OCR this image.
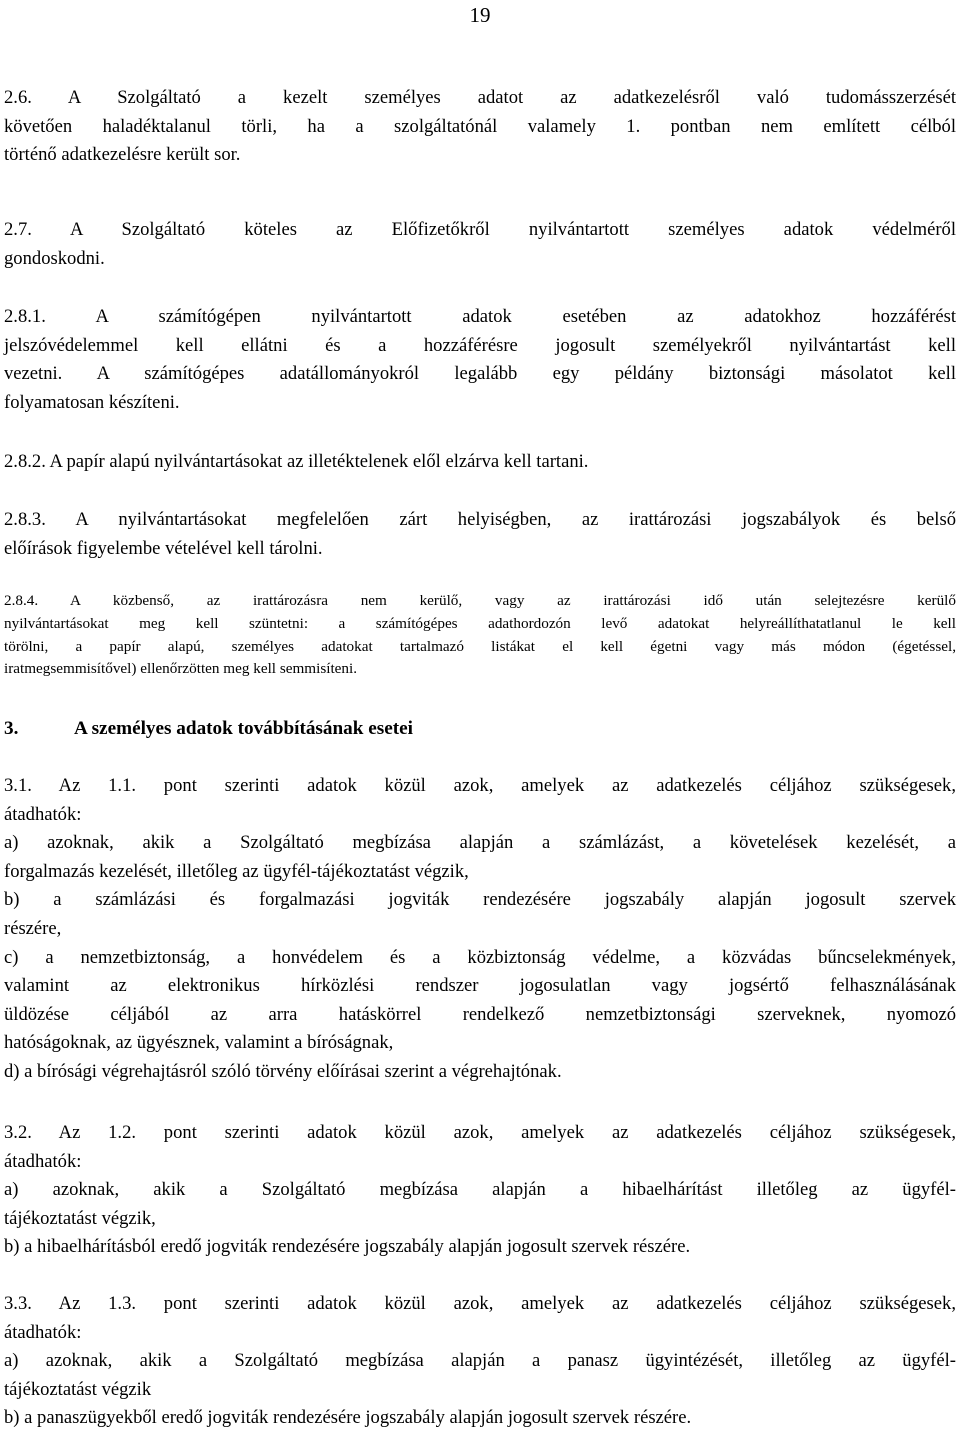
19
2.6. A Szolgáltató a kezelt személyes adatot az adatkezelésről való tudomásszerzését
követően haladéktalanul törli, ha a szolgáltatónál valamely 1. pontban nem említett célból
történő adatkezelésre került sor.
2.7. A Szolgáltató köteles az Előfizetőkről nyilvántartott személyes adatok védelméről
gondoskodni.
2.8.1. A számítógépen nyilvántartott adatok esetében az adatokhoz hozzáférést
jelszóvédelemmel kell ellátni és a hozzáférésre jogosult személyekről nyilvántartást kell
vezetni. A számítógépes adatállományokról legalább egy példány biztonsági másolatot kell
folyamatosan készíteni.
2.8.2. A papír alapú nyilvántartásokat az illetéktelenek elől elzárva kell tartani.
2.8.3. A nyilvántartásokat megfelelően zárt helyiségben, az irattározási jogszabályok és belső
előírások figyelembe vételével kell tárolni.
2.8.4. A közbenső, az irattározásra nem kerülő, vagy az irattározási idő után selejtezésre kerülő
nyilvántartásokat meg kell szüntetni: a számítógépes adathordozón levő adatokat helyreállíthatatlanul le kell
törölni, a papír alapú, személyes adatokat tartalmazó listákat el kell égetni vagy más módon (égetéssel,
iratmegsemmisítővel) ellenőrzötten meg kell semmisíteni.
3.	A személyes adatok továbbításának esetei
3.1. Az 1.1. pont szerinti adatok közül azok, amelyek az adatkezelés céljához szükségesek,
átadhatók:
a) azoknak, akik a Szolgáltató megbízása alapján a számlázást, a követelések kezelését, a
forgalmazás kezelését, illetőleg az ügyfél-tájékoztatást végzik,
b) a számlázási és forgalmazási jogviták rendezésére jogszabály alapján jogosult szervek
részére,
c) a nemzetbiztonság, a honvédelem és a közbiztonság védelme, a közvádas bűncselekmények,
valamint az elektronikus hírközlési rendszer jogosulatlan vagy jogsértő felhasználásának
üldözése céljából az arra hatáskörrel rendelkező nemzetbiztonsági szerveknek, nyomozó
hatóságoknak, az ügyésznek, valamint a bíróságnak,
d) a bírósági végrehajtásról szóló törvény előírásai szerint a végrehajtónak.
3.2. Az 1.2. pont szerinti adatok közül azok, amelyek az adatkezelés céljához szükségesek,
átadhatók:
a) azoknak, akik a Szolgáltató megbízása alapján a hibaelhárítást illetőleg az ügyfél-
tájékoztatást végzik,
b) a hibaelhárításból eredő jogviták rendezésére jogszabály alapján jogosult szervek részére.
3.3. Az 1.3. pont szerinti adatok közül azok, amelyek az adatkezelés céljához szükségesek,
átadhatók:
a) azoknak, akik a Szolgáltató megbízása alapján a panasz ügyintézését, illetőleg az ügyfél-
tájékoztatást végzik
b) a panaszügyekből eredő jogviták rendezésére jogszabály alapján jogosult szervek részére.
